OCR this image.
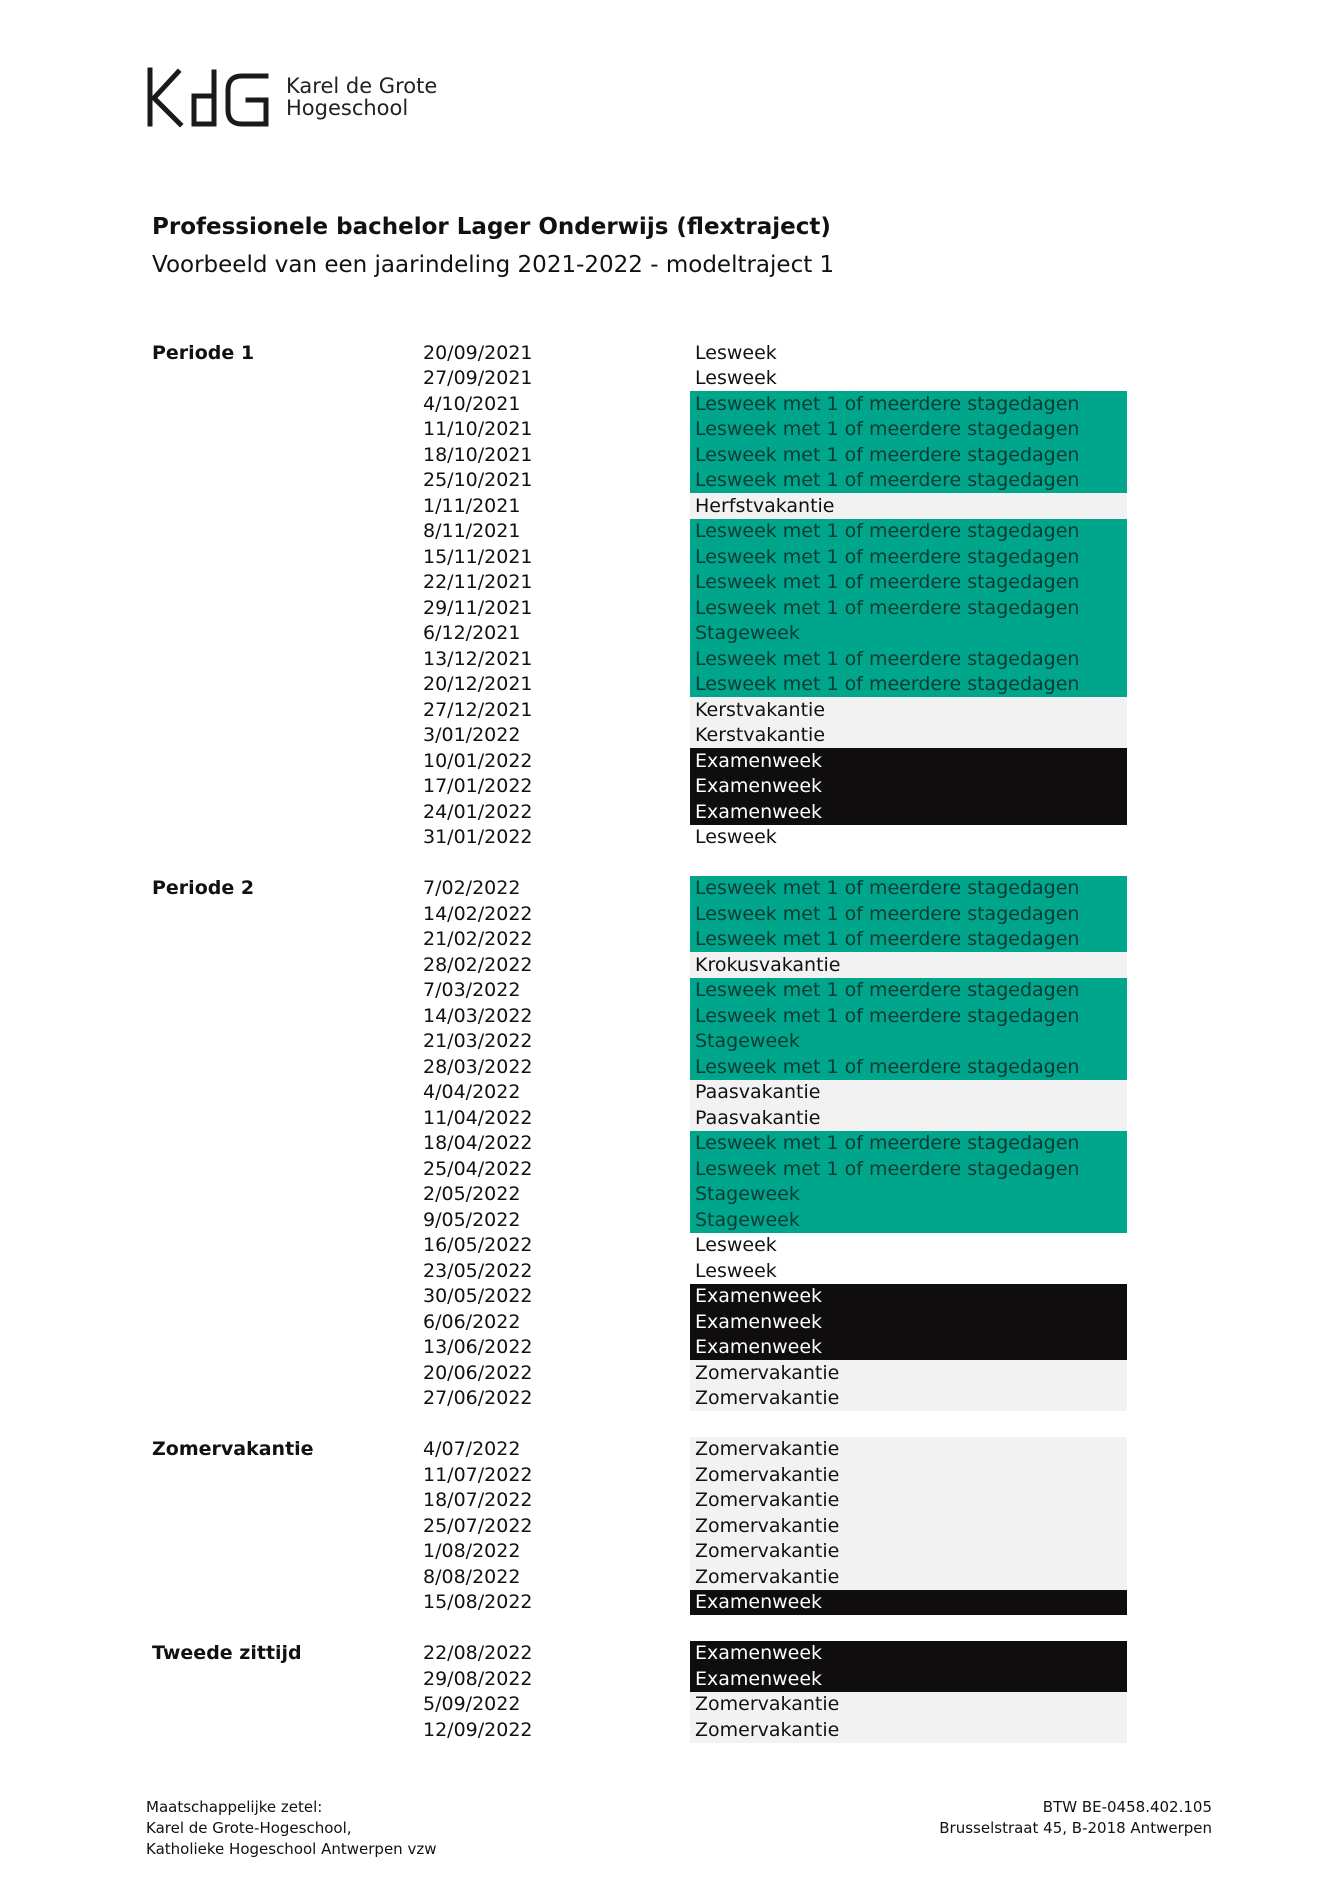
Karel de Grote
Hogeschool
Professionele bachelor Lager Onderwijs (flextraject)
Voorbeeld van een jaarindeling 2021-2022 - modeltraject 1
Periode 1	20/09/2021	Lesweek
27/09/2021	Lesweek
4/10/2021	Lesweek met 1 of meerdere stagedagen
11/10/2021	Lesweek met 1 of meerdere stagedagen
18/10/2021	Lesweek met 1 of meerdere stagedagen
25/10/2021	Lesweek met 1 of meerdere stagedagen
1/11/2021	Herfstvakantie
8/11/2021	Lesweek met 1 of meerdere stagedagen
15/11/2021	Lesweek met 1 of meerdere stagedagen
22/11/2021	Lesweek met 1 of meerdere stagedagen
29/11/2021	Lesweek met 1 of meerdere stagedagen
6/12/2021	Stageweek
13/12/2021	Lesweek met 1 of meerdere stagedagen
20/12/2021	Lesweek met 1 of meerdere stagedagen
27/12/2021	Kerstvakantie
3/01/2022	Kerstvakantie
10/01/2022	Examenweek
17/01/2022	Examenweek
24/01/2022	Examenweek
31/01/2022	Lesweek
Periode 2	7/02/2022	Lesweek met 1 of meerdere stagedagen
14/02/2022	Lesweek met 1 of meerdere stagedagen
21/02/2022	Lesweek met 1 of meerdere stagedagen
28/02/2022	Krokusvakantie
7/03/2022	Lesweek met 1 of meerdere stagedagen
14/03/2022	Lesweek met 1 of meerdere stagedagen
21/03/2022	Stageweek
28/03/2022	Lesweek met 1 of meerdere stagedagen
4/04/2022	Paasvakantie
11/04/2022	Paasvakantie
18/04/2022	Lesweek met 1 of meerdere stagedagen
25/04/2022	Lesweek met 1 of meerdere stagedagen
2/05/2022	Stageweek
9/05/2022	Stageweek
16/05/2022	Lesweek
23/05/2022	Lesweek
30/05/2022	Examenweek
6/06/2022	Examenweek
13/06/2022	Examenweek
20/06/2022	Zomervakantie
27/06/2022	Zomervakantie
Zomervakantie	4/07/2022	Zomervakantie
11/07/2022	Zomervakantie
18/07/2022	Zomervakantie
25/07/2022	Zomervakantie
1/08/2022	Zomervakantie
8/08/2022	Zomervakantie
15/08/2022	Examenweek
Tweede zittijd	22/08/2022	Examenweek
29/08/2022	Examenweek
5/09/2022	Zomervakantie
12/09/2022	Zomervakantie
Maatschappelijke zetel:
Karel de Grote-Hogeschool,
Katholieke Hogeschool Antwerpen vzw
BTW BE-0458.402.105
Brusselstraat 45, B-2018 Antwerpen
